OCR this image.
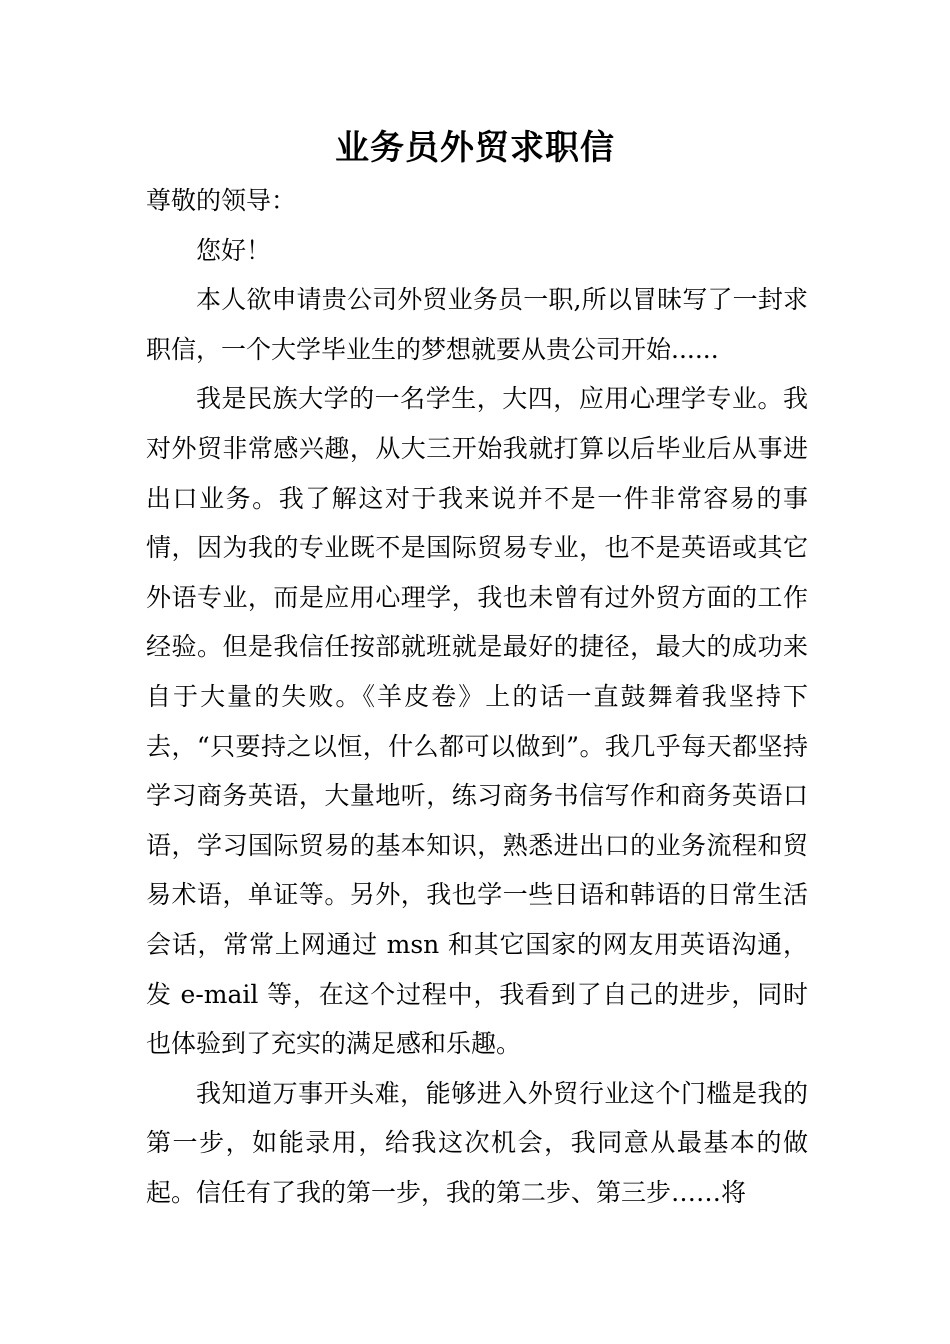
业务员外贸求职信

尊敬的领导：

您好！

本人欲申请贵公司外贸业务员一职,所以冒昧写了一封求职信，一个大学毕业生的梦想就要从贵公司开始......

我是民族大学的一名学生，大四，应用心理学专业。我对外贸非常感兴趣，从大三开始我就打算以后毕业后从事进出口业务。我了解这对于我来说并不是一件非常容易的事情，因为我的专业既不是国际贸易专业，也不是英语或其它外语专业，而是应用心理学，我也未曾有过外贸方面的工作经验。但是我信任按部就班就是最好的捷径，最大的成功来自于大量的失败。《羊皮卷》上的话一直鼓舞着我坚持下去，“只要持之以恒，什么都可以做到”。我几乎每天都坚持学习商务英语，大量地听，练习商务书信写作和商务英语口语，学习国际贸易的基本知识，熟悉进出口的业务流程和贸易术语，单证等。另外，我也学一些日语和韩语的日常生活会话，常常上网通过 msn 和其它国家的网友用英语沟通，发 e-mail 等，在这个过程中，我看到了自己的进步，同时也体验到了充实的满足感和乐趣。

我知道万事开头难，能够进入外贸行业这个门槛是我的第一步，如能录用，给我这次机会，我同意从最基本的做起。信任有了我的第一步，我的第二步、第三步……将
